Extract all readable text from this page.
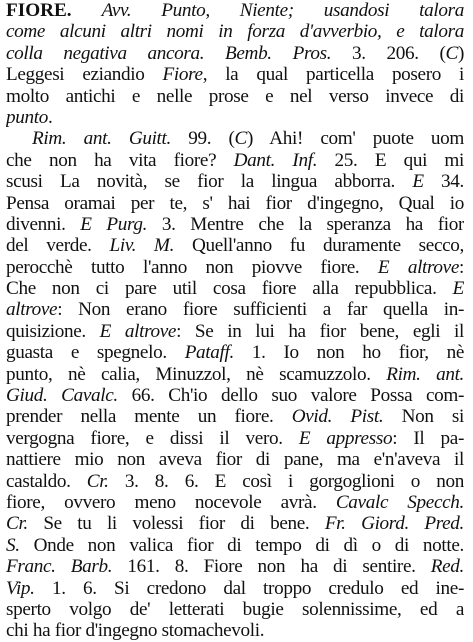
FIORE. Avv. Punto, Niente; usandosi talora
come alcuni altri nomi in forza d'avverbio, e talora
colla negativa ancora. Bemb. Pros. 3. 206. (C)
Leggesi eziandio Fiore, la qual particella posero i
molto antichi e nelle prose e nel verso invece di
punto.
Rim. ant. Guitt. 99. (C) Ahi! com' puote uom
che non ha vita fiore? Dant. Inf. 25. E qui mi
scusi La novità, se fior la lingua abborra. E 34.
Pensa oramai per te, s' hai fior d'ingegno, Qual io
divenni. E Purg. 3. Mentre che la speranza ha fior
del verde. Liv. M. Quell'anno fu duramente secco,
perocchè tutto l'anno non piovve fiore. E altrove:
Che non ci pare util cosa fiore alla repubblica. E
altrove: Non erano fiore sufficienti a far quella in-
quisizione. E altrove: Se in lui ha fior bene, egli il
guasta e spegnelo. Pataff. 1. Io non ho fior, nè
punto, nè calia, Minuzzol, nè scamuzzolo. Rim. ant.
Giud. Cavalc. 66. Ch'io dello suo valore Possa com-
prender nella mente un fiore. Ovid. Pist. Non si
vergogna fiore, e dissi il vero. E appresso: Il pa-
nattiere mio non aveva fior di pane, ma e'n'aveva il
castaldo. Cr. 3. 8. 6. E così i gorgoglioni o non
fiore, ovvero meno nocevole avrà. Cavalc Specch.
Cr. Se tu li volessi fior di bene. Fr. Giord. Pred.
S. Onde non valica fior di tempo di dì o di notte.
Franc. Barb. 161. 8. Fiore non ha di sentire. Red.
Vip. 1. 6. Si credono dal troppo credulo ed ine-
sperto volgo de' letterati bugie solennissime, ed a
chi ha fior d'ingegno stomachevoli.
